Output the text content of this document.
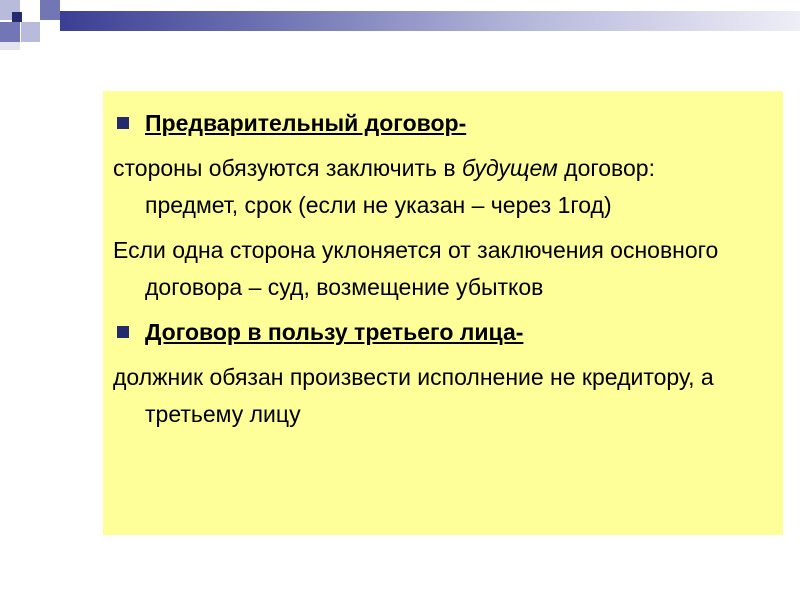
Предварительный договор-
стороны обязуются заключить в будущем договор: предмет, срок (если не указан – через 1год)
Если одна сторона уклоняется от заключения основного договора – суд, возмещение убытков
Договор в пользу третьего лица-
должник обязан произвести исполнение не кредитору, а третьему лицу
